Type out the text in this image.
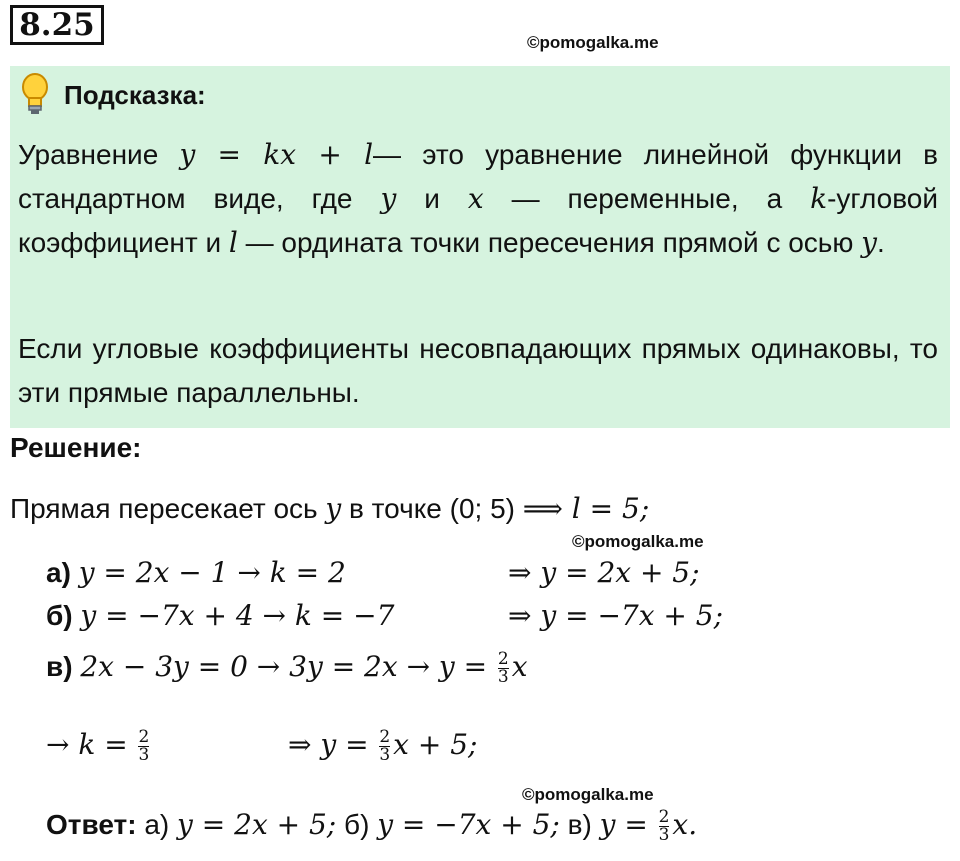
8.25	©pomogalka.me
Подсказка:
Уравнение y = kx + l— это уравнение линейной функции в стандартном виде, где y и x — переменные, а k-угловой коэффициент и l — ордината точки пересечения прямой с осью y.
Если угловые коэффициенты несовпадающих прямых одинаковы, то эти прямые параллельны.
Решение:
Прямая пересекает ось y в точке (0; 5) ⟹ l = 5;
©pomogalka.me
а) y = 2x − 1 → k = 2	⇒ y = 2x + 5;
б) y = −7x + 4 → k = −7	⇒ y = −7x + 5;
в) $2x - 3y = 0 \to 3y = 2x \to y = \frac{2}{3}$ x
→ $k = \frac{2}{3}$	⇒ $y = \frac{2}{3}$ x + 5;
©pomogalka.me
Ответ: а) y = 2x + 5; б) y = −7x + 5; в) $y = \frac{2}{3} x$.
